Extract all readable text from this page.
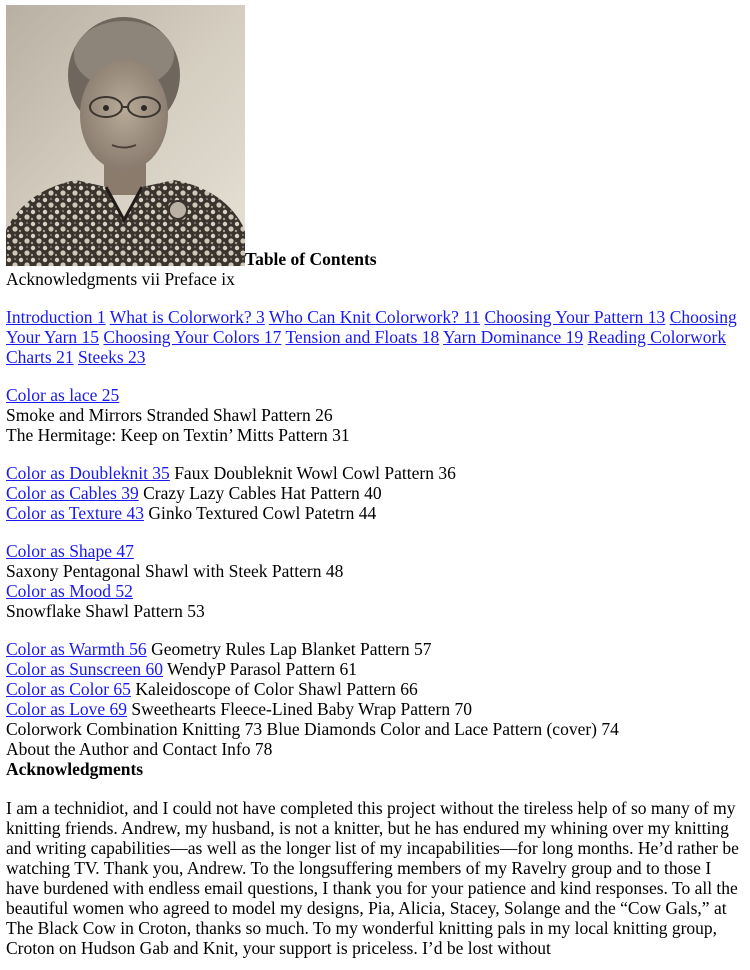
Table of Contents
Acknowledgments vii Preface ix
Introduction 1 What is Colorwork? 3 Who Can Knit Colorwork? 11 Choosing Your Pattern 13 Choosing Your Yarn 15 Choosing Your Colors 17 Tension and Floats 18 Yarn Dominance 19 Reading Colorwork Charts 21 Steeks 23
Color as lace 25
Smoke and Mirrors Stranded Shawl Pattern 26
The Hermitage: Keep on Textin’ Mitts Pattern 31
Color as Doubleknit 35 Faux Doubleknit Wowl Cowl Pattern 36
Color as Cables 39 Crazy Lazy Cables Hat Pattern 40
Color as Texture 43 Ginko Textured Cowl Patetrn 44
Color as Shape 47
Saxony Pentagonal Shawl with Steek Pattern 48
Color as Mood 52
Snowflake Shawl Pattern 53
Color as Warmth 56 Geometry Rules Lap Blanket Pattern 57
Color as Sunscreen 60 WendyP Parasol Pattern 61
Color as Color 65 Kaleidoscope of Color Shawl Pattern 66
Color as Love 69 Sweethearts Fleece-Lined Baby Wrap Pattern 70
Colorwork Combination Knitting 73 Blue Diamonds Color and Lace Pattern (cover) 74
About the Author and Contact Info 78
Acknowledgments
I am a technidiot, and I could not have completed this project without the tireless help of so many of my knitting friends. Andrew, my husband, is not a knitter, but he has endured my whining over my knitting and writing capabilities—as well as the longer list of my incapabilities—for long months. He’d rather be watching TV. Thank you, Andrew. To the longsuffering members of my Ravelry group and to those I have burdened with endless email questions, I thank you for your patience and kind responses. To all the beautiful women who agreed to model my designs, Pia, Alicia, Stacey, Solange and the “Cow Gals,” at The Black Cow in Croton, thanks so much. To my wonderful knitting pals in my local knitting group, Croton on Hudson Gab and Knit, your support is priceless. I’d be lost without
